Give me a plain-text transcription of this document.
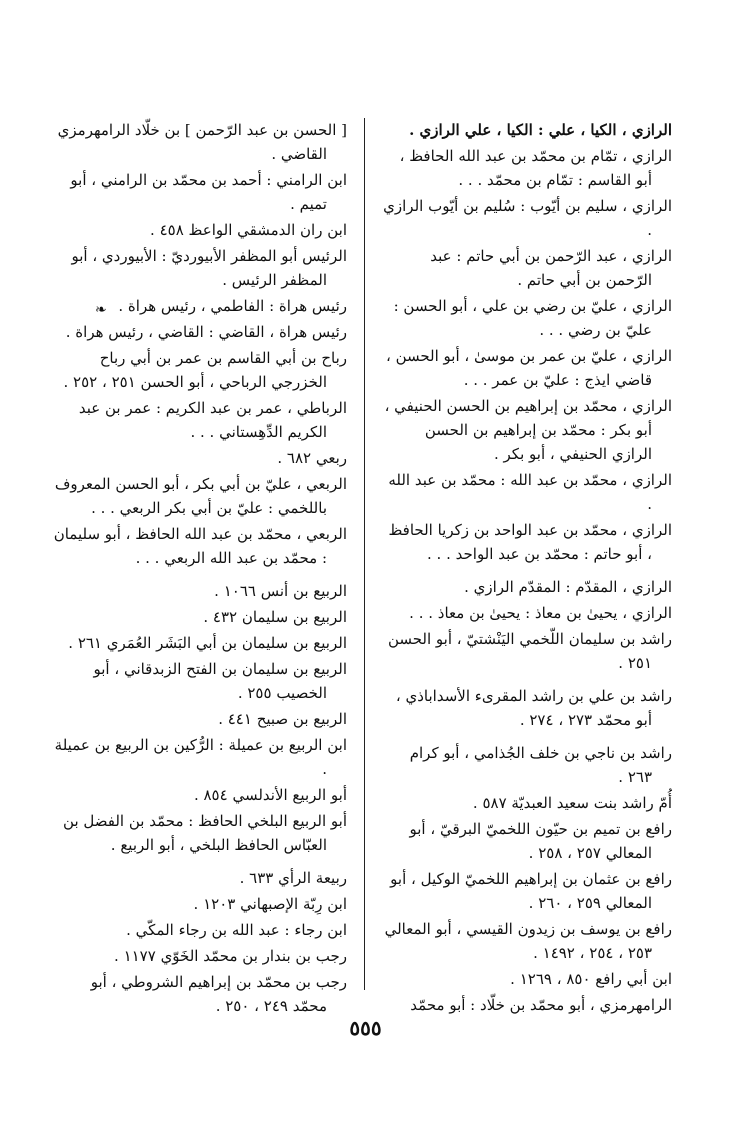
الرازي ، الكيا ، علي : الكيا ، علي الرازي .
الرازي ، تمّام بن محمّد بن عبد الله الحافظ ، أبو القاسم : تمّام بن محمّد . . .
الرازي ، سليم بن أيّوب : سُليم بن أيّوب الرازي .
الرازي ، عبد الرّحمن بن أبي حاتم : عبد الرّحمن بن أبي حاتم .
الرازي ، عليّ بن رضي بن علي ، أبو الحسن : عليّ بن رضي . . .
الرازي ، عليّ بن عمر بن موسىٰ ، أبو الحسن ، قاضي ايذج : عليّ بن عمر . . .
الرازي ، محمّد بن إبراهيم بن الحسن الحنيفي ، أبو بكر : محمّد بن إبراهيم بن الحسن الرازي الحنيفي ، أبو بكر .
الرازي ، محمّد بن عبد الله : محمّد بن عبد الله .
الرازي ، محمّد بن عبد الواحد بن زكريا الحافظ ، أبو حاتم : محمّد بن عبد الواحد . . .
الرازي ، المقدّم : المقدّم الرازي .
الرازي ، يحيىٰ بن معاذ : يحيىٰ بن معاذ . . .
راشد بن سليمان اللّخمي اليَنْشتيّ ، أبو الحسن ٢٥١ .
راشد بن علي بن راشد المقرىء الأسداباذي ، أبو محمّد ٢٧٣ ، ٢٧٤ .
راشد بن ناجي بن خلف الجُذامي ، أبو كرام ٢٦٣ .
أُمّ راشد بنت سعيد العبديّة ٥٨٧ .
رافع بن تميم بن حيّون اللخميّ البرقيّ ، أبو المعالي ٢٥٧ ، ٢٥٨ .
رافع بن عثمان بن إبراهيم اللخميّ الوكيل ، أبو المعالي ٢٥٩ ، ٢٦٠ .
رافع بن يوسف بن زيدون القيسي ، أبو المعالي ٢٥٣ ، ٢٥٤ ، ١٤٩٢ .
ابن أبي رافع ٨٥٠ ، ١٢٦٩ .
الرامهرمزي ، أبو محمّد بن خلّاد : أبو محمّد
[ الحسن بن عبد الرّحمن ] بن خلّاد الرامهرمزي القاضي .
ابن الرامني : أحمد بن محمّد بن الرامني ، أبو تميم .
ابن ران الدمشقي الواعظ ٤٥٨ .
الرئيس أبو المظفر الأبيورديّ : الأبيوردي ، أبو المظفر الرئيس .
رئيس هراة : الفاطمي ، رئيس هراة .
رئيس هراة ، القاضي : القاضي ، رئيس هراة .
رباح بن أبي القاسم بن عمر بن أبي رباح الخزرجي الرباحي ، أبو الحسن ٢٥١ ، ٢٥٢ .
الرباطي ، عمر بن عبد الكريم : عمر بن عبد الكريم الدِّهِستاني . . .
ربعي ٦٨٢ .
الربعي ، عليّ بن أبي بكر ، أبو الحسن المعروف باللخمي : عليّ بن أبي بكر الربعي . . .
الربعي ، محمّد بن عبد الله الحافظ ، أبو سليمان : محمّد بن عبد الله الربعي . . .
الربيع بن أنس ١٠٦٦ .
الربيع بن سليمان ٤٣٢ .
الربيع بن سليمان بن أبي البَشَر العُمَري ٢٦١ .
الربيع بن سليمان بن الفتح الزبدقاني ، أبو الخصيب ٢٥٥ .
الربيع بن صبيح ٤٤١ .
ابن الربيع بن عميلة : الرُّكين بن الربيع بن عميلة .
أبو الربيع الأندلسي ٨٥٤ .
أبو الربيع البلخي الحافظ : محمّد بن الفضل بن العبّاس الحافظ البلخي ، أبو الربيع .
ربيعة الرأي ٦٣٣ .
ابن رِبّة الإصبهاني ١٢٠٣ .
ابن رجاء : عبد الله بن رجاء المكّي .
رجب بن بندار بن محمّد الخَوّي ١١٧٧ .
رجب بن محمّد بن إبراهيم الشروطي ، أبو محمّد ٢٤٩ ، ٢٥٠ .
❧
٥٥٥
